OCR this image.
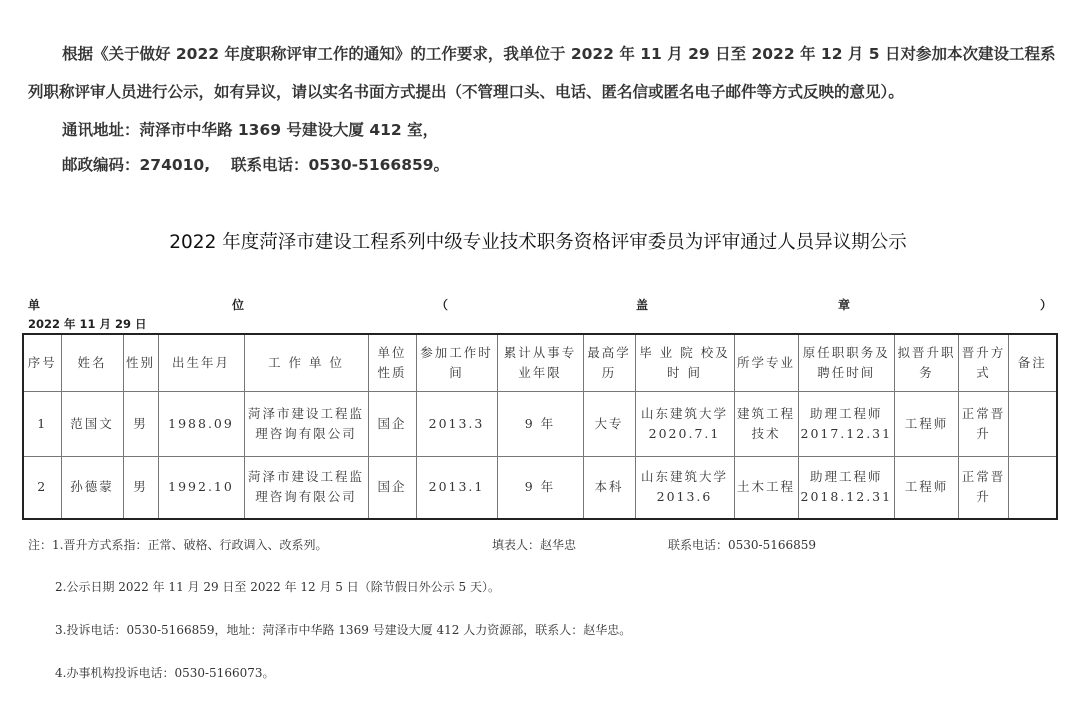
根据《关于做好 2022 年度职称评审工作的通知》的工作要求，我单位于 2022 年 11 月 29 日至 2022 年 12 月 5 日对参加本次建设工程系
列职称评审人员进行公示，如有异议，请以实名书面方式提出（不管理口头、电话、匿名信或匿名电子邮件等方式反映的意见）。
通讯地址：菏泽市中华路 1369 号建设大厦 412 室，
邮政编码：274010,　 联系电话：0530-5166859。
2022 年度菏泽市建设工程系列中级专业技术职务资格评审委员为评审通过人员异议期公示
单	位	（	盖	章	）
2022 年 11 月 29 日
序号	姓名	性别	出生年月	工 作 单 位	单位性质	参加工作时间	累计从事专业年限	最高学历	毕 业 院 校及 时 间	所学专业	原任职职务及聘任时间	拟晋升职务	晋升方式	备注
1	范国文	男	1988.09	菏泽市建设工程监理咨询有限公司	国企	2013.3	9 年	大专	山东建筑大学2020.7.1	建筑工程技术	助理工程师2017.12.31	工程师	正常晋升	
2	孙德蒙	男	1992.10	菏泽市建设工程监理咨询有限公司	国企	2013.1	9 年	本科	山东建筑大学2013.6	土木工程	助理工程师2018.12.31	工程师	正常晋升	
注：1.晋升方式系指：正常、破格、行政调入、改系列。	填表人：赵华忠	联系电话：0530-5166859
2.公示日期 2022 年 11 月 29 日至 2022 年 12 月 5 日（除节假日外公示 5 天）。
3.投诉电话：0530-5166859，地址：菏泽市中华路 1369 号建设大厦 412 人力资源部，联系人：赵华忠。
4.办事机构投诉电话：0530-5166073。
